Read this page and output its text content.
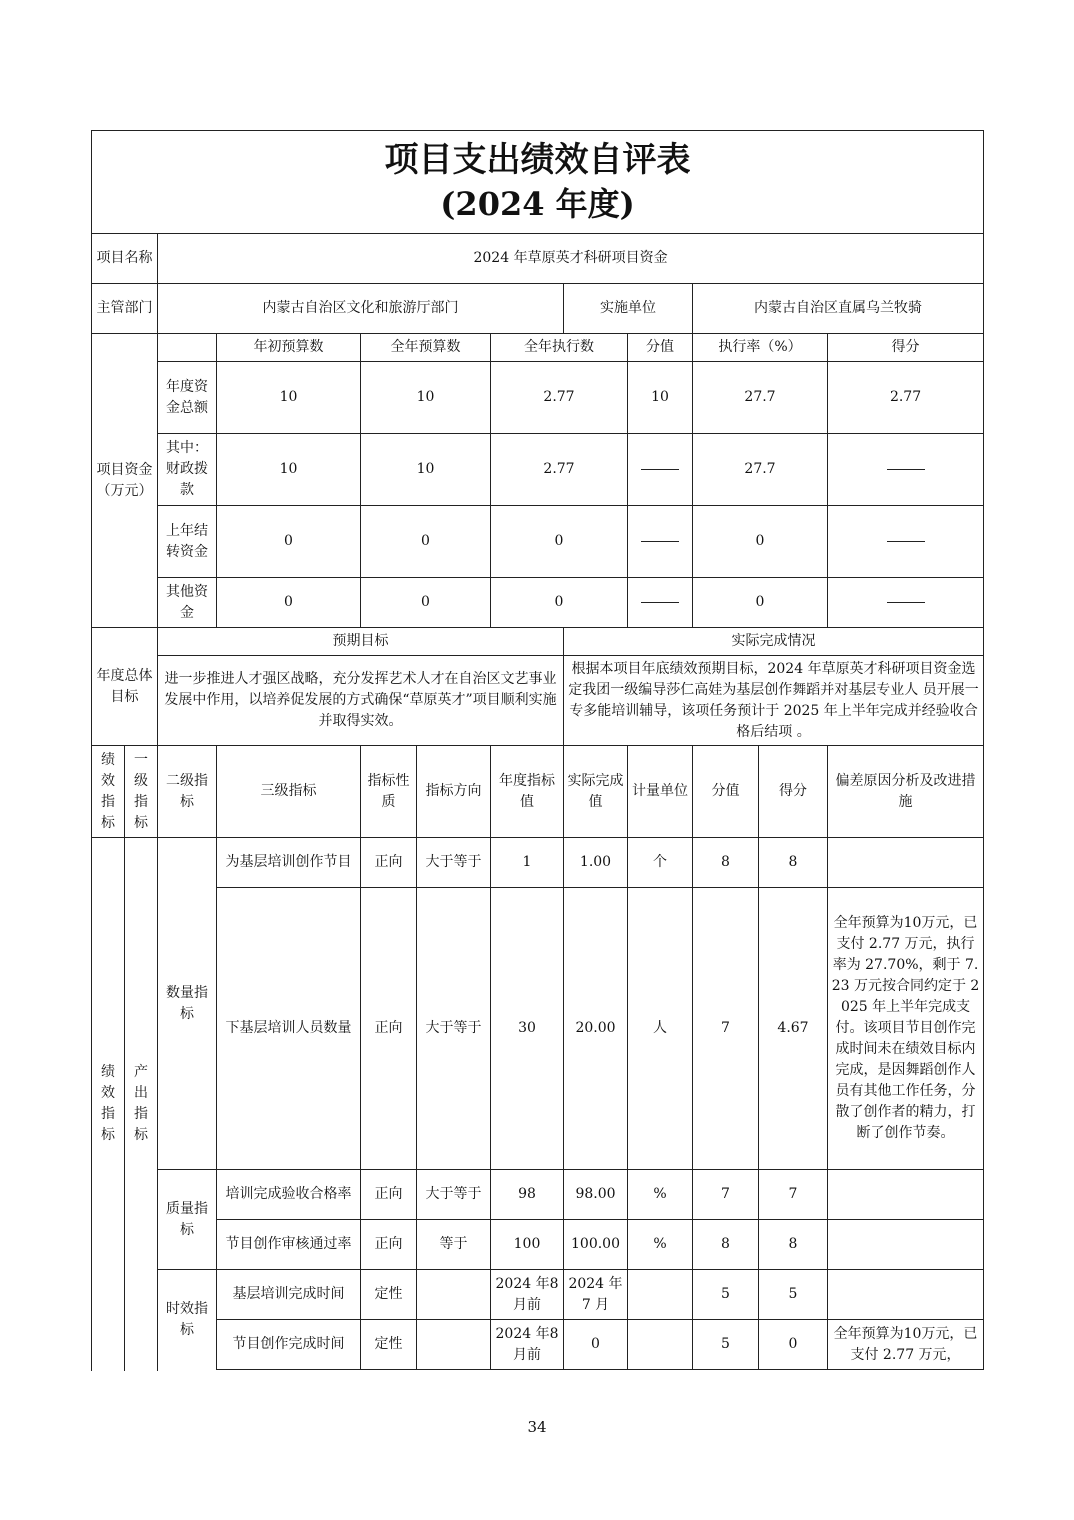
项目支出绩效自评表
(2024 年度)											

项目名称		2024 年草原英才科研项目资金									
主管部门		内蒙古自治区文化和旅游厅部门					实施单位		内蒙古自治区直属乌兰牧骑		
项目资金（万元）			年初预算数	全年预算数		全年执行数		分值	执行率（%）		得分
		年度资金总额	10	10		2.77		10	27.7		2.77
		其中：财政拨款	10	10		2.77			27.7		
		上年结转资金	0	0		0			0		
		其他资金	0	0		0			0		
年度总体目标		预期目标					实际完成情况				
		进一步推进人才强区战略，充分发挥艺术人才在自治区文艺事业发展中作用，以培养促发展的方式确保“草原英才”项目顺利实施并取得实效。					根据本项目年底绩效预期目标，2024 年草原英才科研项目资金选定我团一级编导莎仁高娃为基层创作舞蹈并对基层专业人 员开展一专多能培训辅导，该项任务预计于 2025 年上半年完成并经验收合格后结项 。				
绩效指标	一级指标	二级指标	三级指标	指标性质	指标方向	年度指标值	实际完成值	计量单位	分值	得分	偏差原因分析及改进措施
绩效指标	产出指标	数量指标	为基层培训创作节目	正向	大于等于	1	1.00	个	8	8	
			下基层培训人员数量	正向	大于等于	30	20.00	人	7	4.67	全年预算为10万元，已支付 2.77 万元，执行率为 27.70%，剩于 7.23 万元按合同约定于 2025 年上半年完成支付。该项目节目创作完成时间未在绩效目标内完成，是因舞蹈创作人员有其他工作任务，分散了创作者的精力，打断了创作节奏。
		质量指标	培训完成验收合格率	正向	大于等于	98	98.00	%	7	7	
			节目创作审核通过率	正向	等于	100	100.00	%	8	8	
		时效指标	基层培训完成时间	定性		2024 年8 月前	2024 年 7 月		5	5	
			节目创作完成时间	定性		2024 年8 月前	0		5	0	全年预算为10万元，已支付 2.77 万元，

34
